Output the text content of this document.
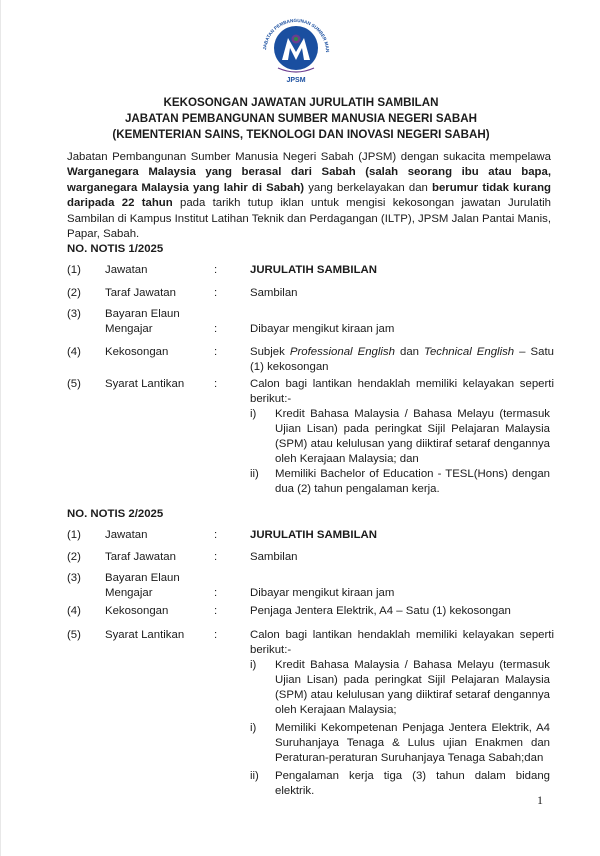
JABATAN PEMBANGUNAN SUMBER MAN
JPSM
KEKOSONGAN JAWATAN JURULATIH SAMBILAN
JABATAN PEMBANGUNAN SUMBER MANUSIA NEGERI SABAH
(KEMENTERIAN SAINS, TEKNOLOGI DAN INOVASI NEGERI SABAH)
Jabatan Pembangunan Sumber Manusia Negeri Sabah (JPSM) dengan sukacita mempelawa Warganegara Malaysia yang berasal dari Sabah (salah seorang ibu atau bapa, warganegara Malaysia yang lahir di Sabah) yang berkelayakan dan berumur tidak kurang daripada 22 tahun pada tarikh tutup iklan untuk mengisi kekosongan jawatan Jurulatih Sambilan di Kampus Institut Latihan Teknik dan Perdagangan (ILTP), JPSM Jalan Pantai Manis, Papar, Sabah.
NO. NOTIS 1/2025
(1) Jawatan	:	JURULATIH SAMBILAN
(2) Taraf Jawatan	:	Sambilan
(3) Bayaran Elaun
Mengajar	:	Dibayar mengikut kiraan jam
(4) Kekosongan	:	Subjek Professional English dan Technical English – Satu (1) kekosongan
(5) Syarat Lantikan	:	Calon bagi lantikan hendaklah memiliki kelayakan seperti berikut:-
i) Kredit Bahasa Malaysia / Bahasa Melayu (termasuk Ujian Lisan) pada peringkat Sijil Pelajaran Malaysia (SPM) atau kelulusan yang diiktiraf setaraf dengannya oleh Kerajaan Malaysia; dan
ii) Memiliki Bachelor of Education - TESL(Hons) dengan dua (2) tahun pengalaman kerja.
NO. NOTIS 2/2025
(1) Jawatan	:	JURULATIH SAMBILAN
(2) Taraf Jawatan	:	Sambilan
(3) Bayaran Elaun
Mengajar	:	Dibayar mengikut kiraan jam
(4) Kekosongan	:	Penjaga Jentera Elektrik, A4 – Satu (1) kekosongan
(5) Syarat Lantikan	:	Calon bagi lantikan hendaklah memiliki kelayakan seperti berikut:-
i) Kredit Bahasa Malaysia / Bahasa Melayu (termasuk Ujian Lisan) pada peringkat Sijil Pelajaran Malaysia (SPM) atau kelulusan yang diiktiraf setaraf dengannya oleh Kerajaan Malaysia;
i) Memiliki Kekompetenan Penjaga Jentera Elektrik, A4 Suruhanjaya Tenaga & Lulus ujian Enakmen dan Peraturan-peraturan Suruhanjaya Tenaga Sabah;dan
ii) Pengalaman kerja tiga (3) tahun dalam bidang elektrik.
1
